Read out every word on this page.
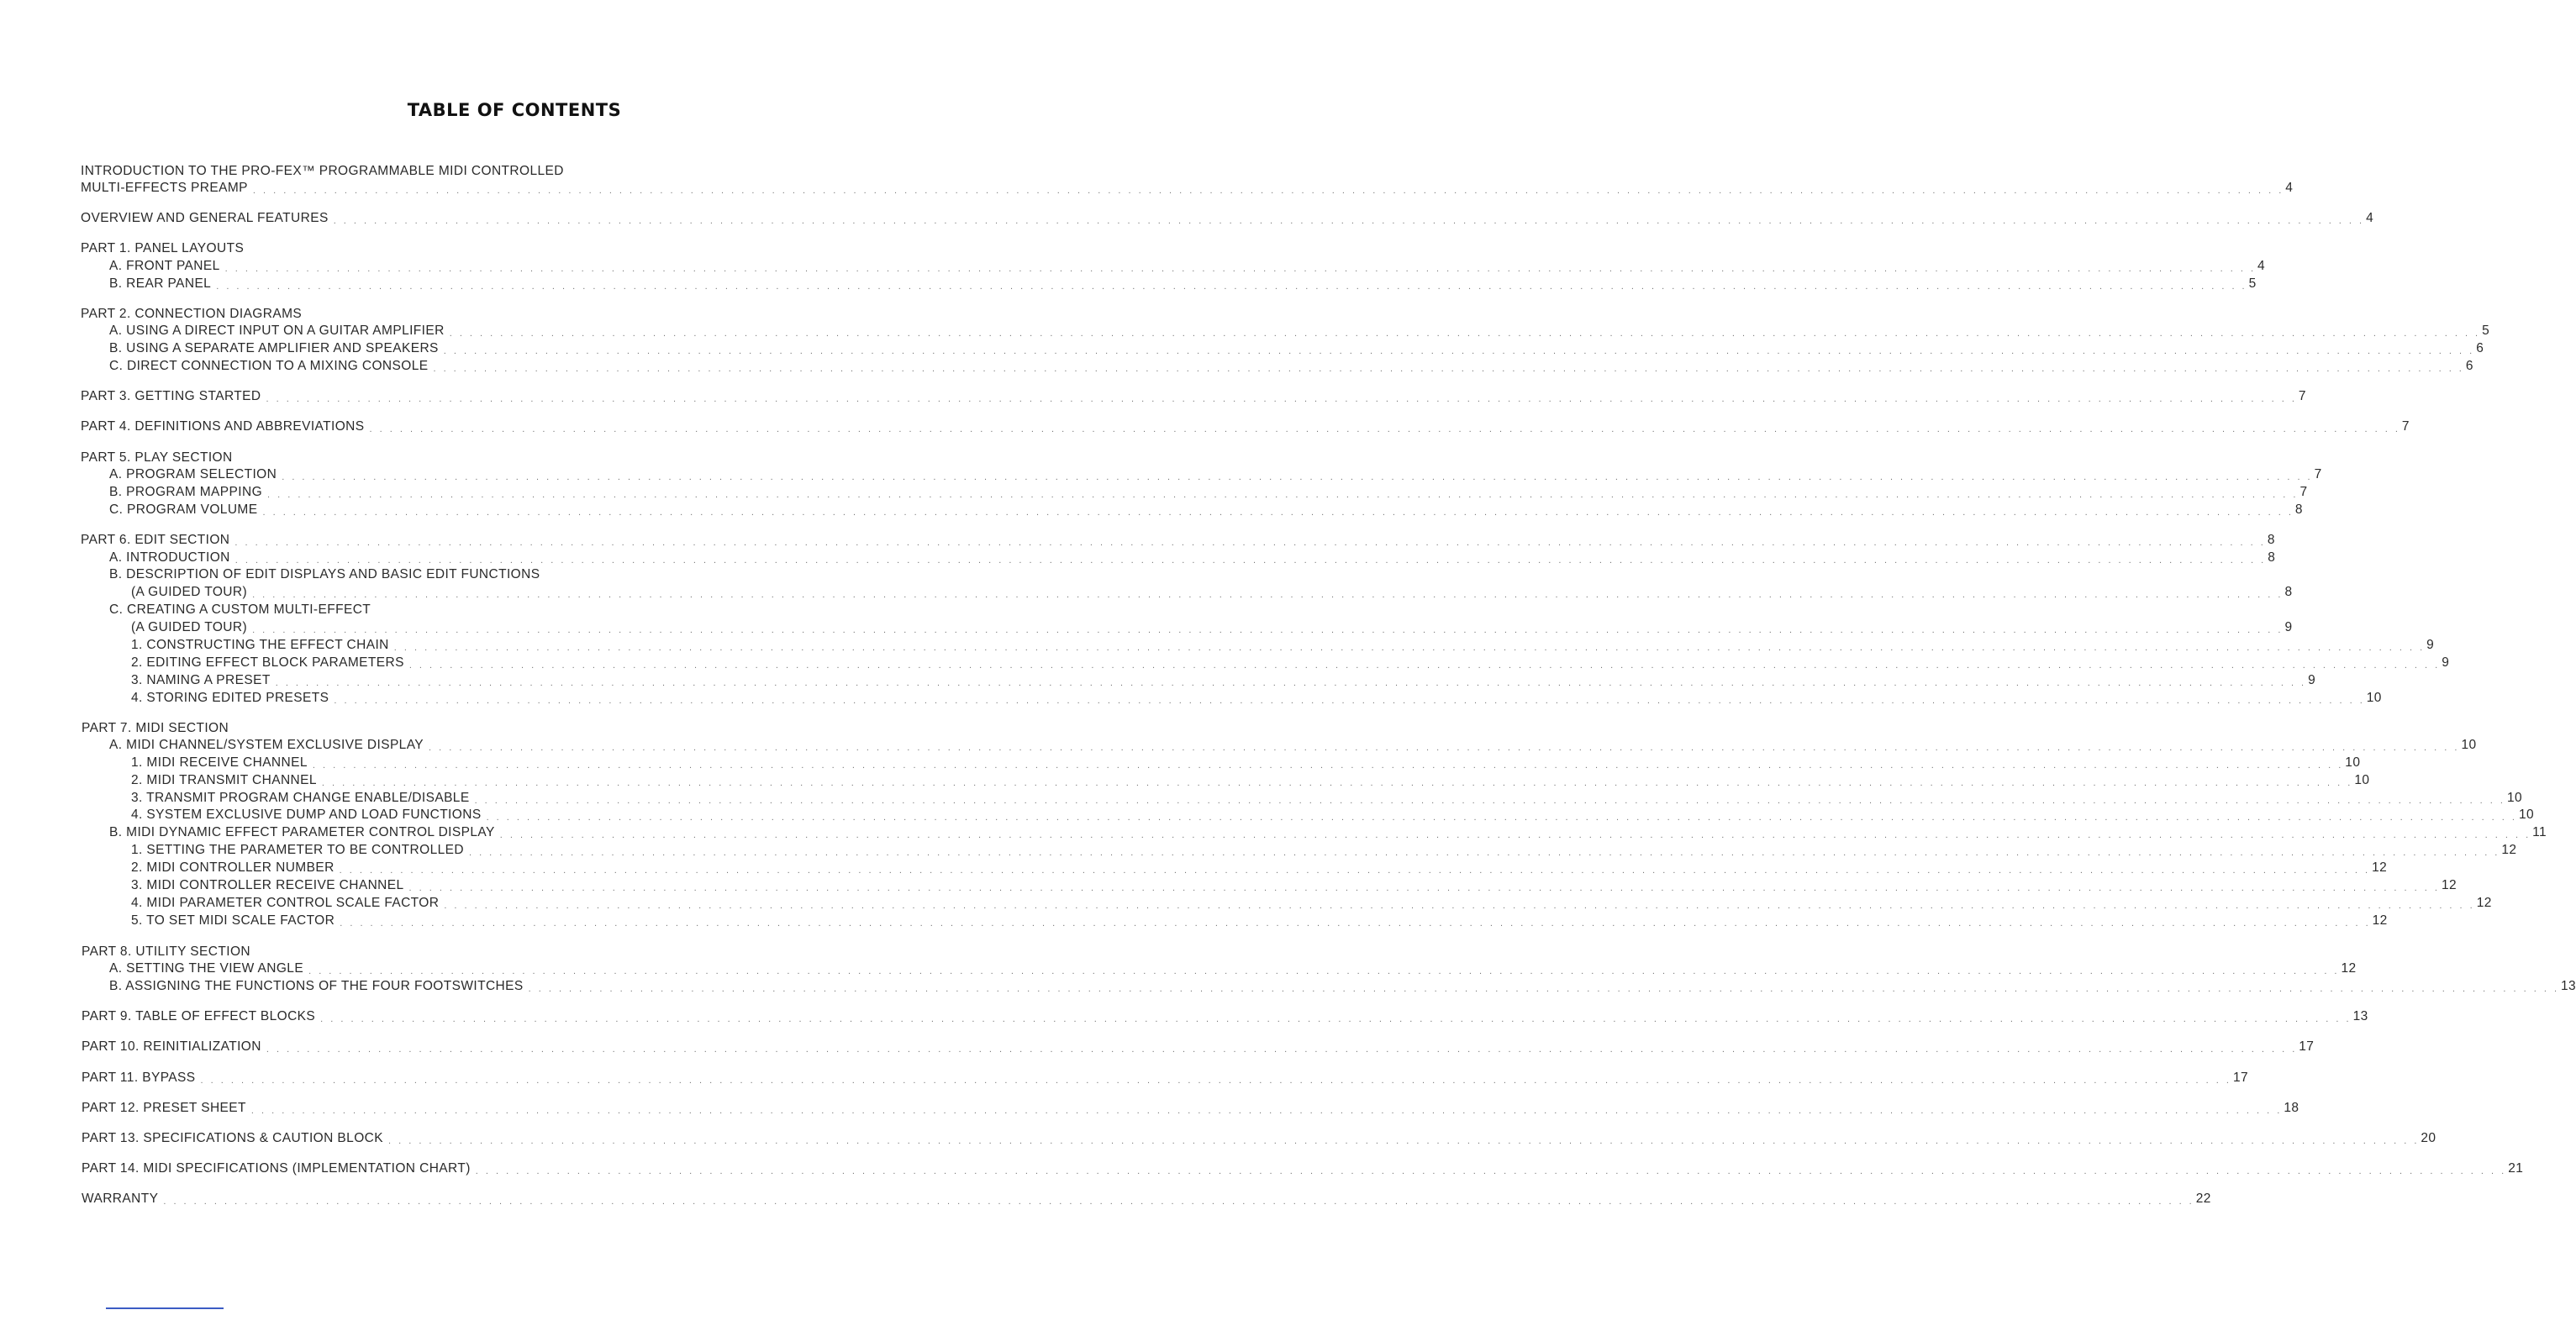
TABLE OF CONTENTS
INTRODUCTION TO THE PRO-FEX™ PROGRAMMABLE MIDI CONTROLLED
MULTI-EFFECTS PREAMP . . . . . . . . . . . . . . . . . . . . . . . . . . . . . . . . . . . . . . . . . . . . . . . . . . . . . . . . . . . . . . . . . . . . . . . . . . . . . . . . . . . . . . . . . . . . . . . . . . . . . . . . . . . . . . . . . . . . . . . . . . . . . . . . . . . . . . . . . . . . . . . . . . . . . . . . . . . . . . . . . . . . . . . . . . . . . . . . . . . . . . . . . . . . . . . . . . . . . . . . 4
OVERVIEW AND GENERAL FEATURES . . . . . . . . . . . . . . . . . . . . . . . . . . . . . . . . . . . . . . . . . . . . . . . . . . . . . . . . . . . . . . . . . . . . . . . . . . . . . . . . . . . . . . . . . . . . . . . . . . . . . . . . . . . . . . . . . . . . . . . . . . . . . . . . . . . . . . . . . . . . . . . . . . . . . . . . . . . . . . . . . . . . . . . . . . . . . . . . . . . . . . . . . . . . . . . . . . . . . . . . 4
PART 1. PANEL LAYOUTS
A. FRONT PANEL . . . . . . . . . . . . . . . . . . . . . . . . . . . . . . . . . . . . . . . . . . . . . . . . . . . . . . . . . . . . . . . . . . . . . . . . . . . . . . . . . . . . . . . . . . . . . . . . . . . . . . . . . . . . . . . . . . . . . . . . . . . . . . . . . . . . . . . . . . . . . . . . . . . . . . . . . . . . . . . . . . . . . . . . . . . . . . . . . . . . . . . . . . . . . . . . . . . . . . . . 4
B. REAR PANEL . . . . . . . . . . . . . . . . . . . . . . . . . . . . . . . . . . . . . . . . . . . . . . . . . . . . . . . . . . . . . . . . . . . . . . . . . . . . . . . . . . . . . . . . . . . . . . . . . . . . . . . . . . . . . . . . . . . . . . . . . . . . . . . . . . . . . . . . . . . . . . . . . . . . . . . . . . . . . . . . . . . . . . . . . . . . . . . . . . . . . . . . . . . . . . . . . . . . . . . . 5
PART 2. CONNECTION DIAGRAMS
A. USING A DIRECT INPUT ON A GUITAR AMPLIFIER . . . . . . . . . . . . . . . . . . . . . . . . . . . . . . . . . . . . . . . . . . . . . . . . . . . . . . . . . . . . . . . . . . . . . . . . . . . . . . . . . . . . . . . . . . . . . . . . . . . . . . . . . . . . . . . . . . . . . . . . . . . . . . . . . . . . . . . . . . . . . . . . . . . . . . . . . . . . . . . . . . . . . . . . . . . . . . . . . . . . . . . . . . . . . . . . . . . . . . . . 5
B. USING A SEPARATE AMPLIFIER AND SPEAKERS . . . . . . . . . . . . . . . . . . . . . . . . . . . . . . . . . . . . . . . . . . . . . . . . . . . . . . . . . . . . . . . . . . . . . . . . . . . . . . . . . . . . . . . . . . . . . . . . . . . . . . . . . . . . . . . . . . . . . . . . . . . . . . . . . . . . . . . . . . . . . . . . . . . . . . . . . . . . . . . . . . . . . . . . . . . . . . . . . . . . . . . . . . . . . . . . . . . . . . . . 6
C. DIRECT CONNECTION TO A MIXING CONSOLE . . . . . . . . . . . . . . . . . . . . . . . . . . . . . . . . . . . . . . . . . . . . . . . . . . . . . . . . . . . . . . . . . . . . . . . . . . . . . . . . . . . . . . . . . . . . . . . . . . . . . . . . . . . . . . . . . . . . . . . . . . . . . . . . . . . . . . . . . . . . . . . . . . . . . . . . . . . . . . . . . . . . . . . . . . . . . . . . . . . . . . . . . . . . . . . . . . . . . . . . 6
PART 3. GETTING STARTED . . . . . . . . . . . . . . . . . . . . . . . . . . . . . . . . . . . . . . . . . . . . . . . . . . . . . . . . . . . . . . . . . . . . . . . . . . . . . . . . . . . . . . . . . . . . . . . . . . . . . . . . . . . . . . . . . . . . . . . . . . . . . . . . . . . . . . . . . . . . . . . . . . . . . . . . . . . . . . . . . . . . . . . . . . . . . . . . . . . . . . . . . . . . . . . . . . . . . . . . 7
PART 4. DEFINITIONS AND ABBREVIATIONS . . . . . . . . . . . . . . . . . . . . . . . . . . . . . . . . . . . . . . . . . . . . . . . . . . . . . . . . . . . . . . . . . . . . . . . . . . . . . . . . . . . . . . . . . . . . . . . . . . . . . . . . . . . . . . . . . . . . . . . . . . . . . . . . . . . . . . . . . . . . . . . . . . . . . . . . . . . . . . . . . . . . . . . . . . . . . . . . . . . . . . . . . . . . . . . . . . . . . . . . 7
PART 5. PLAY SECTION
A. PROGRAM SELECTION . . . . . . . . . . . . . . . . . . . . . . . . . . . . . . . . . . . . . . . . . . . . . . . . . . . . . . . . . . . . . . . . . . . . . . . . . . . . . . . . . . . . . . . . . . . . . . . . . . . . . . . . . . . . . . . . . . . . . . . . . . . . . . . . . . . . . . . . . . . . . . . . . . . . . . . . . . . . . . . . . . . . . . . . . . . . . . . . . . . . . . . . . . . . . . . . . . . . . . . . 7
B. PROGRAM MAPPING . . . . . . . . . . . . . . . . . . . . . . . . . . . . . . . . . . . . . . . . . . . . . . . . . . . . . . . . . . . . . . . . . . . . . . . . . . . . . . . . . . . . . . . . . . . . . . . . . . . . . . . . . . . . . . . . . . . . . . . . . . . . . . . . . . . . . . . . . . . . . . . . . . . . . . . . . . . . . . . . . . . . . . . . . . . . . . . . . . . . . . . . . . . . . . . . . . . . . . . . 7
C. PROGRAM VOLUME . . . . . . . . . . . . . . . . . . . . . . . . . . . . . . . . . . . . . . . . . . . . . . . . . . . . . . . . . . . . . . . . . . . . . . . . . . . . . . . . . . . . . . . . . . . . . . . . . . . . . . . . . . . . . . . . . . . . . . . . . . . . . . . . . . . . . . . . . . . . . . . . . . . . . . . . . . . . . . . . . . . . . . . . . . . . . . . . . . . . . . . . . . . . . . . . . . . . . . . . 8
PART 6. EDIT SECTION . . . . . . . . . . . . . . . . . . . . . . . . . . . . . . . . . . . . . . . . . . . . . . . . . . . . . . . . . . . . . . . . . . . . . . . . . . . . . . . . . . . . . . . . . . . . . . . . . . . . . . . . . . . . . . . . . . . . . . . . . . . . . . . . . . . . . . . . . . . . . . . . . . . . . . . . . . . . . . . . . . . . . . . . . . . . . . . . . . . . . . . . . . . . . . . . . . . . . . . . 8
A. INTRODUCTION . . . . . . . . . . . . . . . . . . . . . . . . . . . . . . . . . . . . . . . . . . . . . . . . . . . . . . . . . . . . . . . . . . . . . . . . . . . . . . . . . . . . . . . . . . . . . . . . . . . . . . . . . . . . . . . . . . . . . . . . . . . . . . . . . . . . . . . . . . . . . . . . . . . . . . . . . . . . . . . . . . . . . . . . . . . . . . . . . . . . . . . . . . . . . . . . . . . . . . . . 8
B. DESCRIPTION OF EDIT DISPLAYS AND BASIC EDIT FUNCTIONS
(A GUIDED TOUR) . . . . . . . . . . . . . . . . . . . . . . . . . . . . . . . . . . . . . . . . . . . . . . . . . . . . . . . . . . . . . . . . . . . . . . . . . . . . . . . . . . . . . . . . . . . . . . . . . . . . . . . . . . . . . . . . . . . . . . . . . . . . . . . . . . . . . . . . . . . . . . . . . . . . . . . . . . . . . . . . . . . . . . . . . . . . . . . . . . . . . . . . . . . . . . . . . . . . . . . . 8
C. CREATING A CUSTOM MULTI-EFFECT
(A GUIDED TOUR) . . . . . . . . . . . . . . . . . . . . . . . . . . . . . . . . . . . . . . . . . . . . . . . . . . . . . . . . . . . . . . . . . . . . . . . . . . . . . . . . . . . . . . . . . . . . . . . . . . . . . . . . . . . . . . . . . . . . . . . . . . . . . . . . . . . . . . . . . . . . . . . . . . . . . . . . . . . . . . . . . . . . . . . . . . . . . . . . . . . . . . . . . . . . . . . . . . . . . . . . 9
1. CONSTRUCTING THE EFFECT CHAIN . . . . . . . . . . . . . . . . . . . . . . . . . . . . . . . . . . . . . . . . . . . . . . . . . . . . . . . . . . . . . . . . . . . . . . . . . . . . . . . . . . . . . . . . . . . . . . . . . . . . . . . . . . . . . . . . . . . . . . . . . . . . . . . . . . . . . . . . . . . . . . . . . . . . . . . . . . . . . . . . . . . . . . . . . . . . . . . . . . . . . . . . . . . . . . . . . . . . . . . . 9
2. EDITING EFFECT BLOCK PARAMETERS . . . . . . . . . . . . . . . . . . . . . . . . . . . . . . . . . . . . . . . . . . . . . . . . . . . . . . . . . . . . . . . . . . . . . . . . . . . . . . . . . . . . . . . . . . . . . . . . . . . . . . . . . . . . . . . . . . . . . . . . . . . . . . . . . . . . . . . . . . . . . . . . . . . . . . . . . . . . . . . . . . . . . . . . . . . . . . . . . . . . . . . . . . . . . . . . . . . . . . . . 9
3. NAMING A PRESET . . . . . . . . . . . . . . . . . . . . . . . . . . . . . . . . . . . . . . . . . . . . . . . . . . . . . . . . . . . . . . . . . . . . . . . . . . . . . . . . . . . . . . . . . . . . . . . . . . . . . . . . . . . . . . . . . . . . . . . . . . . . . . . . . . . . . . . . . . . . . . . . . . . . . . . . . . . . . . . . . . . . . . . . . . . . . . . . . . . . . . . . . . . . . . . . . . . . . . . . 9
4. STORING EDITED PRESETS . . . . . . . . . . . . . . . . . . . . . . . . . . . . . . . . . . . . . . . . . . . . . . . . . . . . . . . . . . . . . . . . . . . . . . . . . . . . . . . . . . . . . . . . . . . . . . . . . . . . . . . . . . . . . . . . . . . . . . . . . . . . . . . . . . . . . . . . . . . . . . . . . . . . . . . . . . . . . . . . . . . . . . . . . . . . . . . . . . . . . . . . . . . . . . . . . . . . . . . . 10
PART 7. MIDI SECTION
A. MIDI CHANNEL/SYSTEM EXCLUSIVE DISPLAY . . . . . . . . . . . . . . . . . . . . . . . . . . . . . . . . . . . . . . . . . . . . . . . . . . . . . . . . . . . . . . . . . . . . . . . . . . . . . . . . . . . . . . . . . . . . . . . . . . . . . . . . . . . . . . . . . . . . . . . . . . . . . . . . . . . . . . . . . . . . . . . . . . . . . . . . . . . . . . . . . . . . . . . . . . . . . . . . . . . . . . . . . . . . . . . . . . . . . . . . 10
1. MIDI RECEIVE CHANNEL . . . . . . . . . . . . . . . . . . . . . . . . . . . . . . . . . . . . . . . . . . . . . . . . . . . . . . . . . . . . . . . . . . . . . . . . . . . . . . . . . . . . . . . . . . . . . . . . . . . . . . . . . . . . . . . . . . . . . . . . . . . . . . . . . . . . . . . . . . . . . . . . . . . . . . . . . . . . . . . . . . . . . . . . . . . . . . . . . . . . . . . . . . . . . . . . . . . . . . . . 10
2. MIDI TRANSMIT CHANNEL . . . . . . . . . . . . . . . . . . . . . . . . . . . . . . . . . . . . . . . . . . . . . . . . . . . . . . . . . . . . . . . . . . . . . . . . . . . . . . . . . . . . . . . . . . . . . . . . . . . . . . . . . . . . . . . . . . . . . . . . . . . . . . . . . . . . . . . . . . . . . . . . . . . . . . . . . . . . . . . . . . . . . . . . . . . . . . . . . . . . . . . . . . . . . . . . . . . . . . . . 10
3. TRANSMIT PROGRAM CHANGE ENABLE/DISABLE . . . . . . . . . . . . . . . . . . . . . . . . . . . . . . . . . . . . . . . . . . . . . . . . . . . . . . . . . . . . . . . . . . . . . . . . . . . . . . . . . . . . . . . . . . . . . . . . . . . . . . . . . . . . . . . . . . . . . . . . . . . . . . . . . . . . . . . . . . . . . . . . . . . . . . . . . . . . . . . . . . . . . . . . . . . . . . . . . . . . . . . . . . . . . . . . . . . . . . . . 10
4. SYSTEM EXCLUSIVE DUMP AND LOAD FUNCTIONS . . . . . . . . . . . . . . . . . . . . . . . . . . . . . . . . . . . . . . . . . . . . . . . . . . . . . . . . . . . . . . . . . . . . . . . . . . . . . . . . . . . . . . . . . . . . . . . . . . . . . . . . . . . . . . . . . . . . . . . . . . . . . . . . . . . . . . . . . . . . . . . . . . . . . . . . . . . . . . . . . . . . . . . . . . . . . . . . . . . . . . . . . . . . . . . . . . . . . . . . 10
B. MIDI DYNAMIC EFFECT PARAMETER CONTROL DISPLAY . . . . . . . . . . . . . . . . . . . . . . . . . . . . . . . . . . . . . . . . . . . . . . . . . . . . . . . . . . . . . . . . . . . . . . . . . . . . . . . . . . . . . . . . . . . . . . . . . . . . . . . . . . . . . . . . . . . . . . . . . . . . . . . . . . . . . . . . . . . . . . . . . . . . . . . . . . . . . . . . . . . . . . . . . . . . . . . . . . . . . . . . . . . . . . . . . . . . . . . . 11
1. SETTING THE PARAMETER TO BE CONTROLLED . . . . . . . . . . . . . . . . . . . . . . . . . . . . . . . . . . . . . . . . . . . . . . . . . . . . . . . . . . . . . . . . . . . . . . . . . . . . . . . . . . . . . . . . . . . . . . . . . . . . . . . . . . . . . . . . . . . . . . . . . . . . . . . . . . . . . . . . . . . . . . . . . . . . . . . . . . . . . . . . . . . . . . . . . . . . . . . . . . . . . . . . . . . . . . . . . . . . . . . . 12
2. MIDI CONTROLLER NUMBER . . . . . . . . . . . . . . . . . . . . . . . . . . . . . . . . . . . . . . . . . . . . . . . . . . . . . . . . . . . . . . . . . . . . . . . . . . . . . . . . . . . . . . . . . . . . . . . . . . . . . . . . . . . . . . . . . . . . . . . . . . . . . . . . . . . . . . . . . . . . . . . . . . . . . . . . . . . . . . . . . . . . . . . . . . . . . . . . . . . . . . . . . . . . . . . . . . . . . . . . 12
3. MIDI CONTROLLER RECEIVE CHANNEL . . . . . . . . . . . . . . . . . . . . . . . . . . . . . . . . . . . . . . . . . . . . . . . . . . . . . . . . . . . . . . . . . . . . . . . . . . . . . . . . . . . . . . . . . . . . . . . . . . . . . . . . . . . . . . . . . . . . . . . . . . . . . . . . . . . . . . . . . . . . . . . . . . . . . . . . . . . . . . . . . . . . . . . . . . . . . . . . . . . . . . . . . . . . . . . . . . . . . . . . 12
4. MIDI PARAMETER CONTROL SCALE FACTOR . . . . . . . . . . . . . . . . . . . . . . . . . . . . . . . . . . . . . . . . . . . . . . . . . . . . . . . . . . . . . . . . . . . . . . . . . . . . . . . . . . . . . . . . . . . . . . . . . . . . . . . . . . . . . . . . . . . . . . . . . . . . . . . . . . . . . . . . . . . . . . . . . . . . . . . . . . . . . . . . . . . . . . . . . . . . . . . . . . . . . . . . . . . . . . . . . . . . . . . . 12
5. TO SET MIDI SCALE FACTOR . . . . . . . . . . . . . . . . . . . . . . . . . . . . . . . . . . . . . . . . . . . . . . . . . . . . . . . . . . . . . . . . . . . . . . . . . . . . . . . . . . . . . . . . . . . . . . . . . . . . . . . . . . . . . . . . . . . . . . . . . . . . . . . . . . . . . . . . . . . . . . . . . . . . . . . . . . . . . . . . . . . . . . . . . . . . . . . . . . . . . . . . . . . . . . . . . . . . . . . . 12
PART 8. UTILITY SECTION
A. SETTING THE VIEW ANGLE . . . . . . . . . . . . . . . . . . . . . . . . . . . . . . . . . . . . . . . . . . . . . . . . . . . . . . . . . . . . . . . . . . . . . . . . . . . . . . . . . . . . . . . . . . . . . . . . . . . . . . . . . . . . . . . . . . . . . . . . . . . . . . . . . . . . . . . . . . . . . . . . . . . . . . . . . . . . . . . . . . . . . . . . . . . . . . . . . . . . . . . . . . . . . . . . . . . . . . . . 12
B. ASSIGNING THE FUNCTIONS OF THE FOUR FOOTSWITCHES . . . . . . . . . . . . . . . . . . . . . . . . . . . . . . . . . . . . . . . . . . . . . . . . . . . . . . . . . . . . . . . . . . . . . . . . . . . . . . . . . . . . . . . . . . . . . . . . . . . . . . . . . . . . . . . . . . . . . . . . . . . . . . . . . . . . . . . . . . . . . . . . . . . . . . . . . . . . . . . . . . . . . . . . . . . . . . . . . . . . . . . . . . . . . . . . . . . . . . . . 13
PART 9. TABLE OF EFFECT BLOCKS . . . . . . . . . . . . . . . . . . . . . . . . . . . . . . . . . . . . . . . . . . . . . . . . . . . . . . . . . . . . . . . . . . . . . . . . . . . . . . . . . . . . . . . . . . . . . . . . . . . . . . . . . . . . . . . . . . . . . . . . . . . . . . . . . . . . . . . . . . . . . . . . . . . . . . . . . . . . . . . . . . . . . . . . . . . . . . . . . . . . . . . . . . . . . . . . . . . . . . . . 13
PART 10. REINITIALIZATION . . . . . . . . . . . . . . . . . . . . . . . . . . . . . . . . . . . . . . . . . . . . . . . . . . . . . . . . . . . . . . . . . . . . . . . . . . . . . . . . . . . . . . . . . . . . . . . . . . . . . . . . . . . . . . . . . . . . . . . . . . . . . . . . . . . . . . . . . . . . . . . . . . . . . . . . . . . . . . . . . . . . . . . . . . . . . . . . . . . . . . . . . . . . . . . . . . . . . . . . 17
PART 11. BYPASS . . . . . . . . . . . . . . . . . . . . . . . . . . . . . . . . . . . . . . . . . . . . . . . . . . . . . . . . . . . . . . . . . . . . . . . . . . . . . . . . . . . . . . . . . . . . . . . . . . . . . . . . . . . . . . . . . . . . . . . . . . . . . . . . . . . . . . . . . . . . . . . . . . . . . . . . . . . . . . . . . . . . . . . . . . . . . . . . . . . . . . . . . . . . . . . . . . . . . . . . 17
PART 12. PRESET SHEET . . . . . . . . . . . . . . . . . . . . . . . . . . . . . . . . . . . . . . . . . . . . . . . . . . . . . . . . . . . . . . . . . . . . . . . . . . . . . . . . . . . . . . . . . . . . . . . . . . . . . . . . . . . . . . . . . . . . . . . . . . . . . . . . . . . . . . . . . . . . . . . . . . . . . . . . . . . . . . . . . . . . . . . . . . . . . . . . . . . . . . . . . . . . . . . . . . . . . . . . 18
PART 13. SPECIFICATIONS & CAUTION BLOCK . . . . . . . . . . . . . . . . . . . . . . . . . . . . . . . . . . . . . . . . . . . . . . . . . . . . . . . . . . . . . . . . . . . . . . . . . . . . . . . . . . . . . . . . . . . . . . . . . . . . . . . . . . . . . . . . . . . . . . . . . . . . . . . . . . . . . . . . . . . . . . . . . . . . . . . . . . . . . . . . . . . . . . . . . . . . . . . . . . . . . . . . . . . . . . . . . . . . . . . . 20
PART 14. MIDI SPECIFICATIONS (IMPLEMENTATION CHART) . . . . . . . . . . . . . . . . . . . . . . . . . . . . . . . . . . . . . . . . . . . . . . . . . . . . . . . . . . . . . . . . . . . . . . . . . . . . . . . . . . . . . . . . . . . . . . . . . . . . . . . . . . . . . . . . . . . . . . . . . . . . . . . . . . . . . . . . . . . . . . . . . . . . . . . . . . . . . . . . . . . . . . . . . . . . . . . . . . . . . . . . . . . . . . . . . . . . . . . . 21
WARRANTY . . . . . . . . . . . . . . . . . . . . . . . . . . . . . . . . . . . . . . . . . . . . . . . . . . . . . . . . . . . . . . . . . . . . . . . . . . . . . . . . . . . . . . . . . . . . . . . . . . . . . . . . . . . . . . . . . . . . . . . . . . . . . . . . . . . . . . . . . . . . . . . . . . . . . . . . . . . . . . . . . . . . . . . . . . . . . . . . . . . . . . . . . . . . . . . . . . . . . . . . 22
